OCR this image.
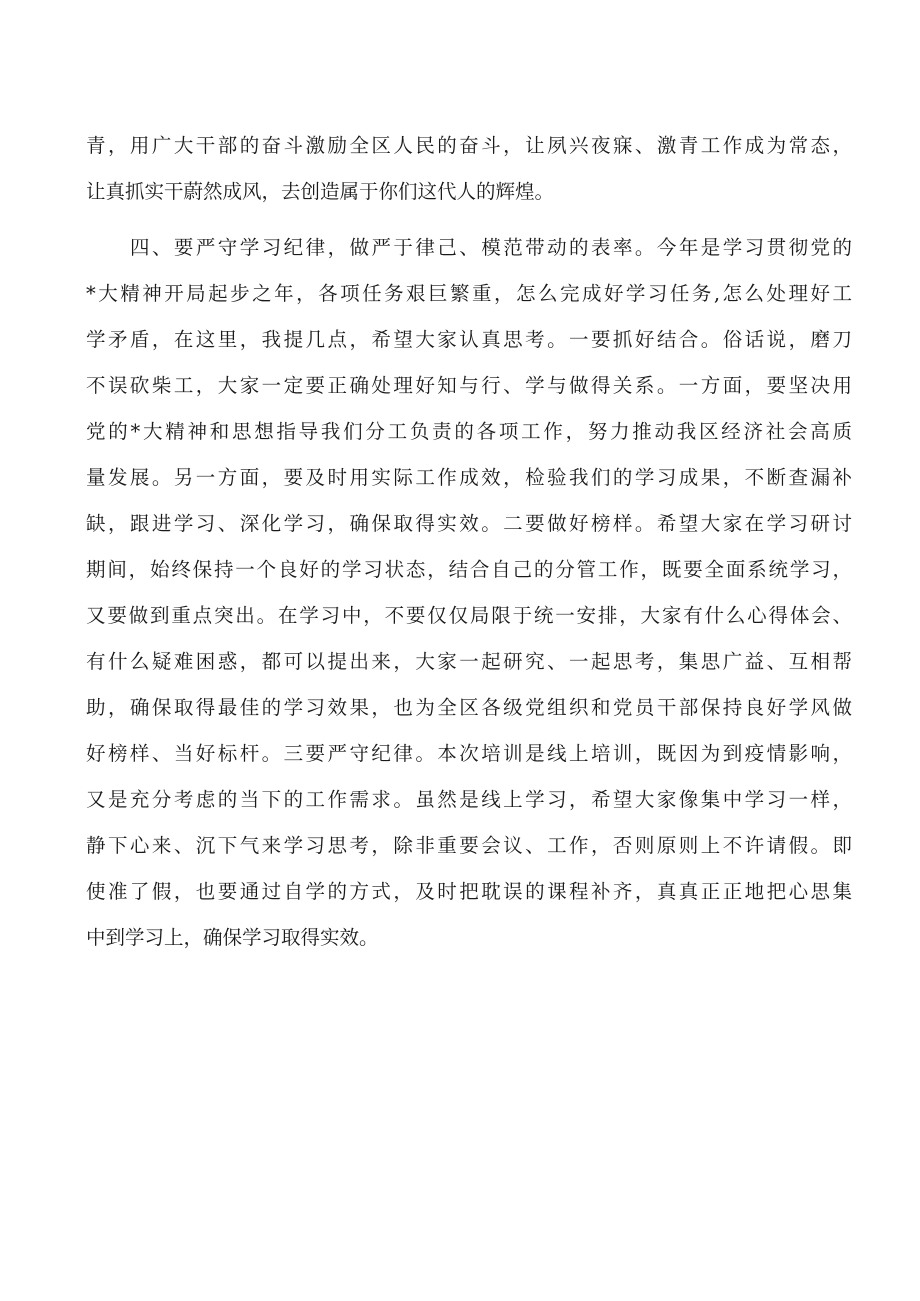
青，用广大干部的奋斗激励全区人民的奋斗，让夙兴夜寐、激青工作成为常态，
让真抓实干蔚然成风，去创造属于你们这代人的辉煌。
四、要严守学习纪律，做严于律己、模范带动的表率。今年是学习贯彻党的
*大精神开局起步之年，各项任务艰巨繁重，怎么完成好学习任务,怎么处理好工
学矛盾，在这里，我提几点，希望大家认真思考。一要抓好结合。俗话说，磨刀
不误砍柴工，大家一定要正确处理好知与行、学与做得关系。一方面，要坚决用
党的*大精神和思想指导我们分工负责的各项工作，努力推动我区经济社会高质
量发展。另一方面，要及时用实际工作成效，检验我们的学习成果，不断查漏补
缺，跟进学习、深化学习，确保取得实效。二要做好榜样。希望大家在学习研讨
期间，始终保持一个良好的学习状态，结合自己的分管工作，既要全面系统学习，
又要做到重点突出。在学习中，不要仅仅局限于统一安排，大家有什么心得体会、
有什么疑难困惑，都可以提出来，大家一起研究、一起思考，集思广益、互相帮
助，确保取得最佳的学习效果，也为全区各级党组织和党员干部保持良好学风做
好榜样、当好标杆。三要严守纪律。本次培训是线上培训，既因为到疫情影响，
又是充分考虑的当下的工作需求。虽然是线上学习，希望大家像集中学习一样，
静下心来、沉下气来学习思考，除非重要会议、工作，否则原则上不许请假。即
使准了假，也要通过自学的方式，及时把耽误的课程补齐，真真正正地把心思集
中到学习上，确保学习取得实效。
